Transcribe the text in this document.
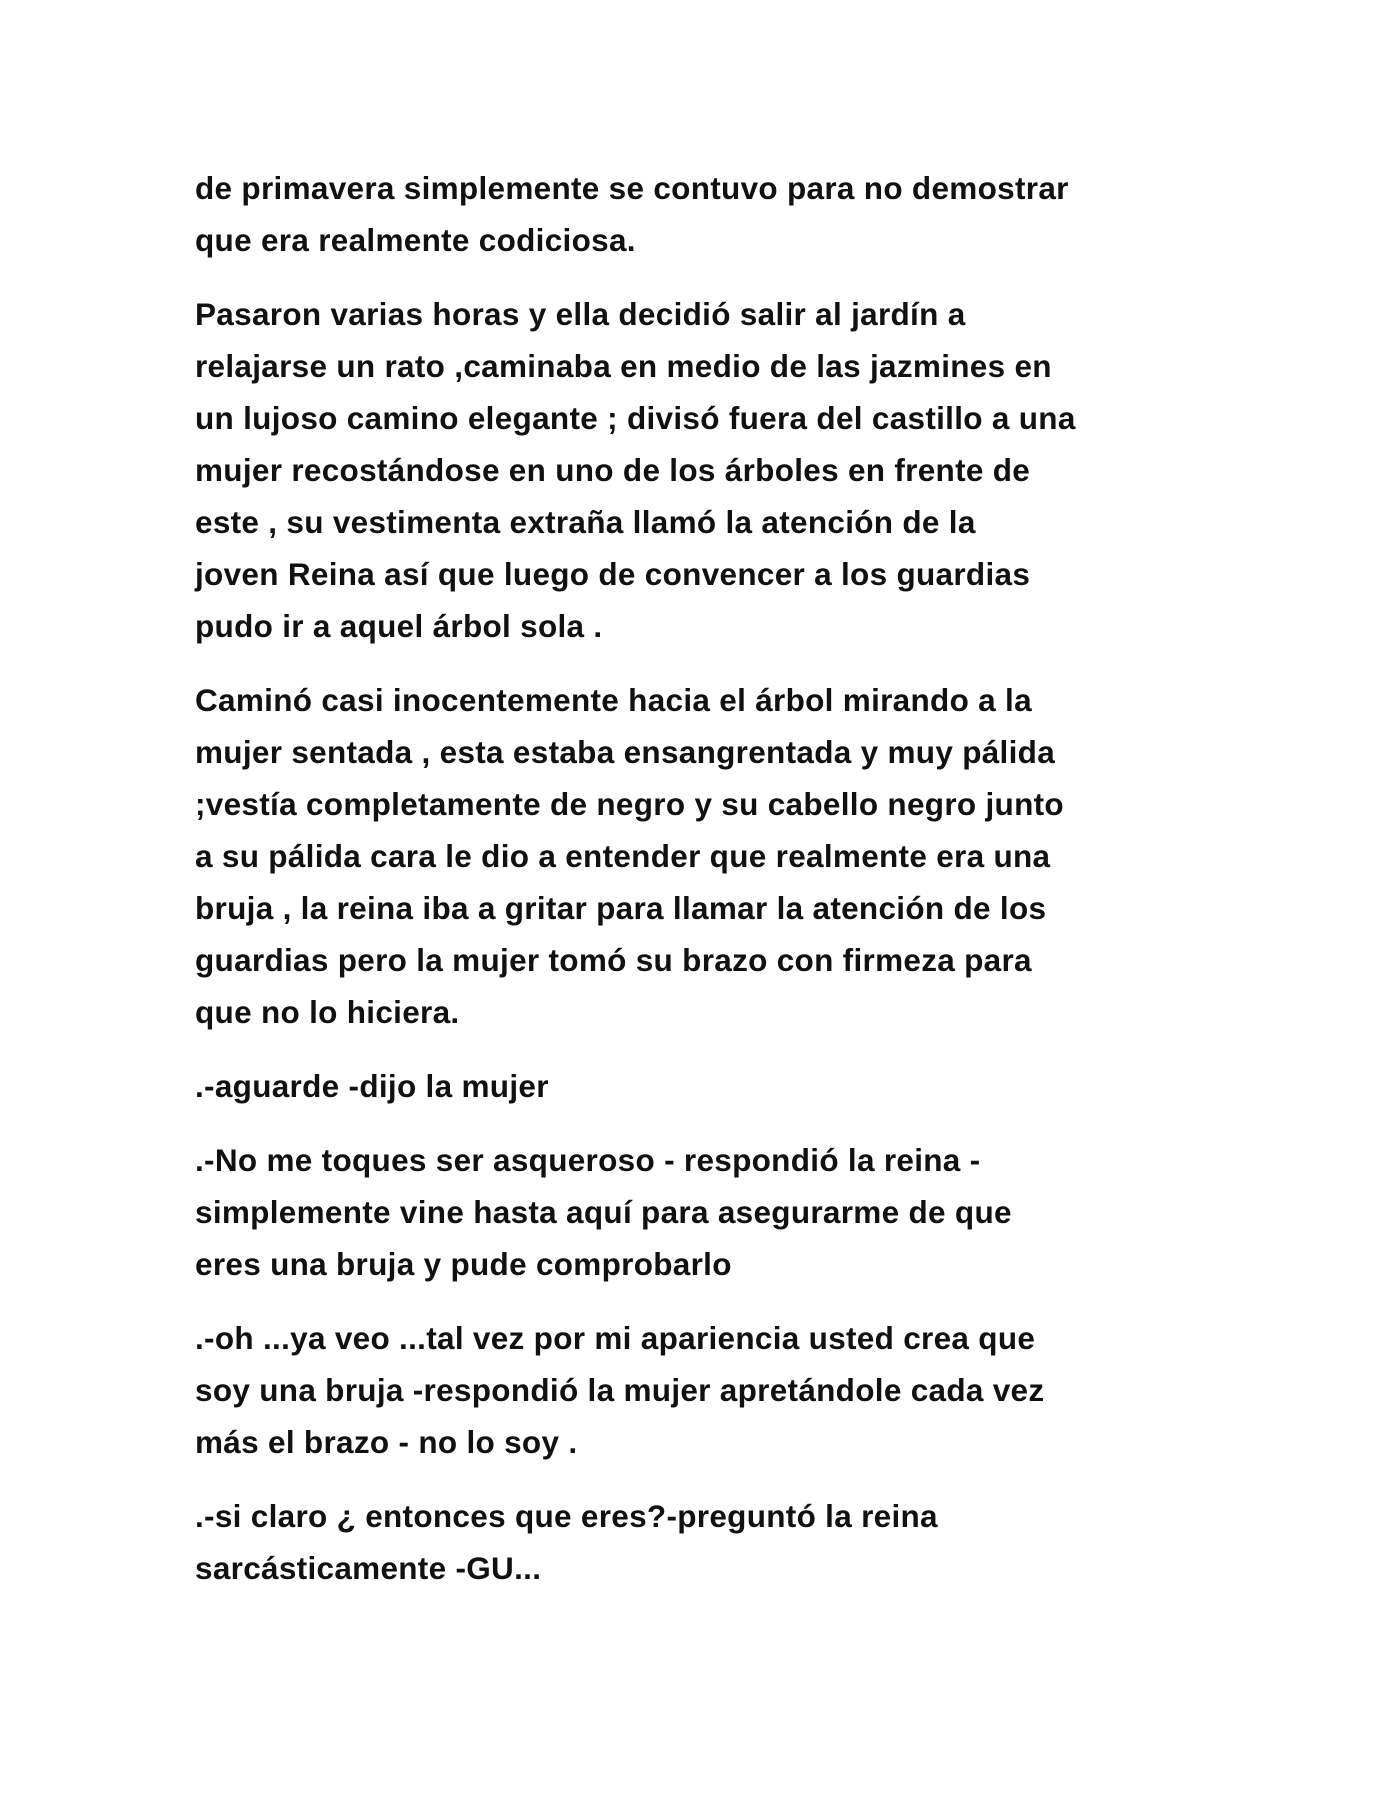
de primavera simplemente se contuvo para no demostrar
que era realmente codiciosa.

Pasaron varias horas y ella decidió salir al jardín a
relajarse un rato ,caminaba en medio de las jazmines en
un lujoso camino elegante ; divisó fuera del castillo a una
mujer recostándose en uno de los árboles en frente de
este , su vestimenta extraña llamó la atención de la
joven Reina así que luego de convencer a los guardias
pudo ir a aquel árbol sola .

Caminó casi inocentemente hacia el árbol mirando a la
mujer sentada , esta estaba ensangrentada y muy pálida
;vestía completamente de negro y su cabello negro junto
a su pálida cara le dio a entender que realmente era una
bruja , la reina iba a gritar para llamar la atención de los
guardias pero la mujer tomó su brazo con firmeza para
que no lo hiciera.

.-aguarde -dijo la mujer

.-No me toques ser asqueroso - respondió la reina -
simplemente vine hasta aquí para asegurarme de que
eres una bruja y pude comprobarlo

.-oh ...ya veo ...tal vez por mi apariencia usted crea que
soy una bruja -respondió la mujer apretándole cada vez
más el brazo - no lo soy .

.-si claro ¿ entonces que eres?-preguntó la reina
sarcásticamente -GU...
